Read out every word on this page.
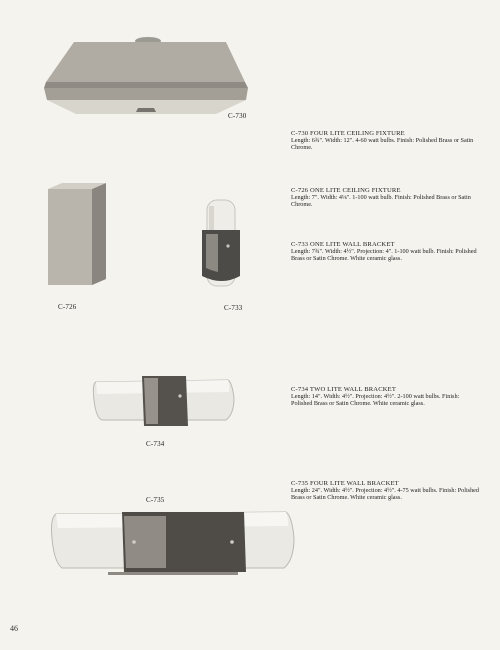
C-730
C-726	C-733
C-734
C-735
C-730 FOUR LITE CEILING FIXTURE
Length: 6¾". Width: 12". 4-60 watt bulbs. Finish: Polished Brass or Satin Chrome.
C-726 ONE LITE CEILING FIXTURE
Length: 7". Width: 4⅛". 1-100 watt bulb. Finish: Polished Brass or Satin Chrome.
C-733 ONE LITE WALL BRACKET
Length: 7¾". Width: 4½". Projection: 4". 1-100 watt bulb. Finish: Polished Brass or Satin Chrome. White ceramic glass.
C-734 TWO LITE WALL BRACKET
Length: 14". Width: 4½". Projection: 4½". 2-100 watt bulbs. Finish: Polished Brass or Satin Chrome. White ceramic glass.
C-735 FOUR LITE WALL BRACKET
Length: 24". Width: 4½". Projection: 4½". 4-75 watt bulbs. Finish: Polished Brass or Satin Chrome. White ceramic glass.
46
